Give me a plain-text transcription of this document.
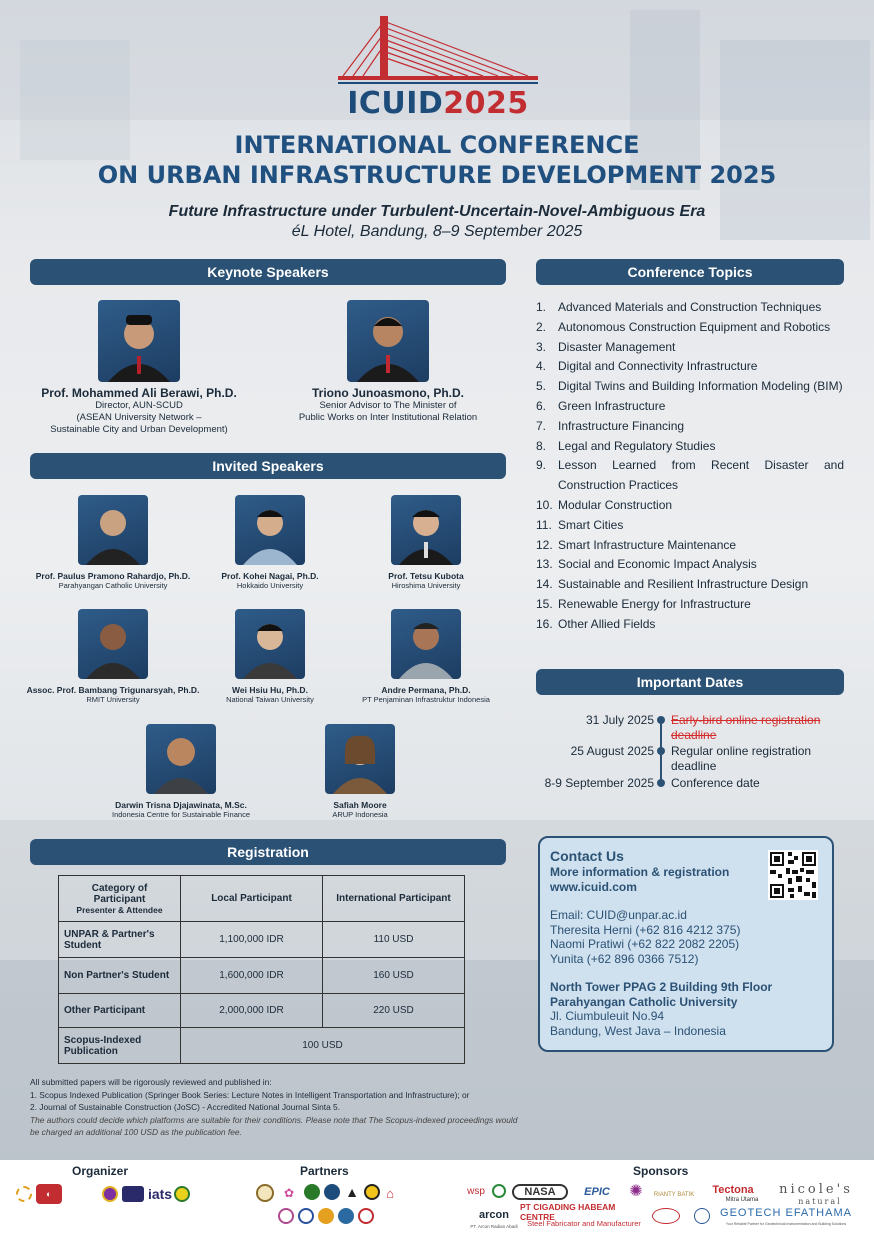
ICUID2025
INTERNATIONAL CONFERENCE
ON URBAN INFRASTRUCTURE DEVELOPMENT 2025
Future Infrastructure under Turbulent-Uncertain-Novel-Ambiguous Era
éL Hotel, Bandung, 8–9 September 2025
Keynote Speakers
Prof. Mohammed Ali Berawi, Ph.D.
Director, AUN-SCUD
(ASEAN University Network –
Sustainable City and Urban Development)
Triono Junoasmono, Ph.D.
Senior Advisor to The Minister of
Public Works on Inter Institutional Relation
Invited Speakers
Prof. Paulus Pramono Rahardjo, Ph.D.
Parahyangan Catholic University
Prof. Kohei Nagai, Ph.D.
Hokkaido University
Prof. Tetsu Kubota
Hiroshima University
Assoc. Prof. Bambang Trigunarsyah, Ph.D.
RMIT University
Wei Hsiu Hu, Ph.D.
National Taiwan University
Andre Permana, Ph.D.
PT Penjaminan Infrastruktur Indonesia
Darwin Trisna Djajawinata, M.Sc.
Indonesia Centre for Sustainable Finance
Safiah Moore
ARUP Indonesia
Conference Topics
1. Advanced Materials and Construction Techniques
2. Autonomous Construction Equipment and Robotics
3. Disaster Management
4. Digital and Connectivity Infrastructure
5. Digital Twins and Building Information Modeling (BIM)
6. Green Infrastructure
7. Infrastructure Financing
8. Legal and Regulatory Studies
9. Lesson Learned from Recent Disaster and Construction Practices
10. Modular Construction
11. Smart Cities
12. Smart Infrastructure Maintenance
13. Social and Economic Impact Analysis
14. Sustainable and Resilient Infrastructure Design
15. Renewable Energy for Infrastructure
16. Other Allied Fields
Important Dates
31 July 2025 Early-bird online registration deadline
25 August 2025 Regular online registration deadline
8-9 September 2025 Conference date
Contact Us
More information & registration
www.icuid.com
Email: CUID@unpar.ac.id
Theresita Herni (+62 816 4212 375)
Naomi Pratiwi (+62 822 2082 2205)
Yunita (+62 896 0366 7512)
North Tower PPAG 2 Building 9th Floor
Parahyangan Catholic University
Jl. Ciumbuleuit No.94
Bandung, West Java – Indonesia
Registration
Category of Participant
Presenter & Attendee	Local Participant	International Participant
UNPAR & Partner's Student	1,100,000 IDR	110 USD
Non Partner's Student	1,600,000 IDR	160 USD
Other Participant	2,000,000 IDR	220 USD
Scopus-Indexed Publication	100 USD	
All submitted papers will be rigorously reviewed and published in:
1. Scopus Indexed Publication (Springer Book Series: Lecture Notes in Intelligent Transportation and Infrastructure); or
2. Journal of Sustainable Construction (JoSC) - Accredited National Journal Sinta 5.
The authors could decide which platforms are suitable for their conditions. Please note that The Scopus-indexed proceedings would be charged an additional 100 USD as the publication fee.
Organizer	Partners	Sponsors
◐	iats	✿	▲	⌂	wsp	NASA	EPIC	✺	RIANTY BATIK	Tectona
Mitra Utama
nicole's
natural
arcon
PT. Arcon Radian Abadi
PT CIGADING HABEAM CENTRE
Steel Fabricator and Manufacturer
GEOTECH EFATHAMA
Your Reliable Partner for Geotechnical Instrumentation and Building Solutions
